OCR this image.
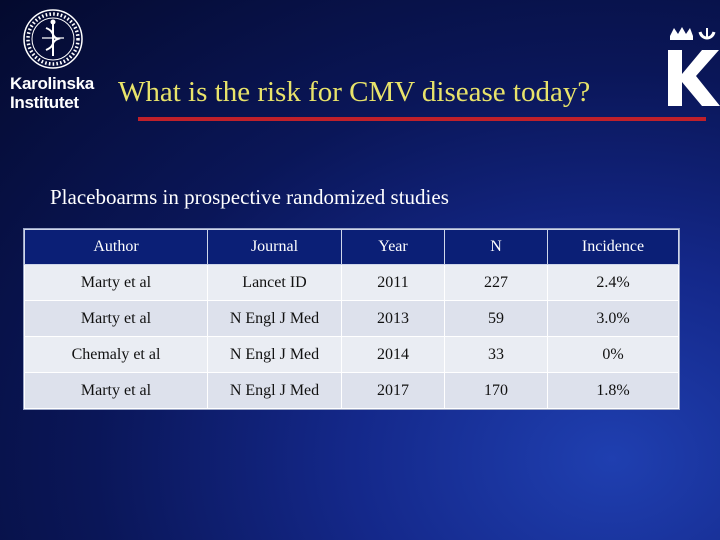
Karolinska
Institutet	What is the risk for CMV disease today?
Placeboarms in prospective randomized studies
Author	Journal	Year	N	Incidence
Marty et al	Lancet ID	2011	227	2.4%
Marty et al	N Engl J Med	2013	59	3.0%
Chemaly et al	N Engl J Med	2014	33	0%
Marty et al	N Engl J Med	2017	170	1.8%
